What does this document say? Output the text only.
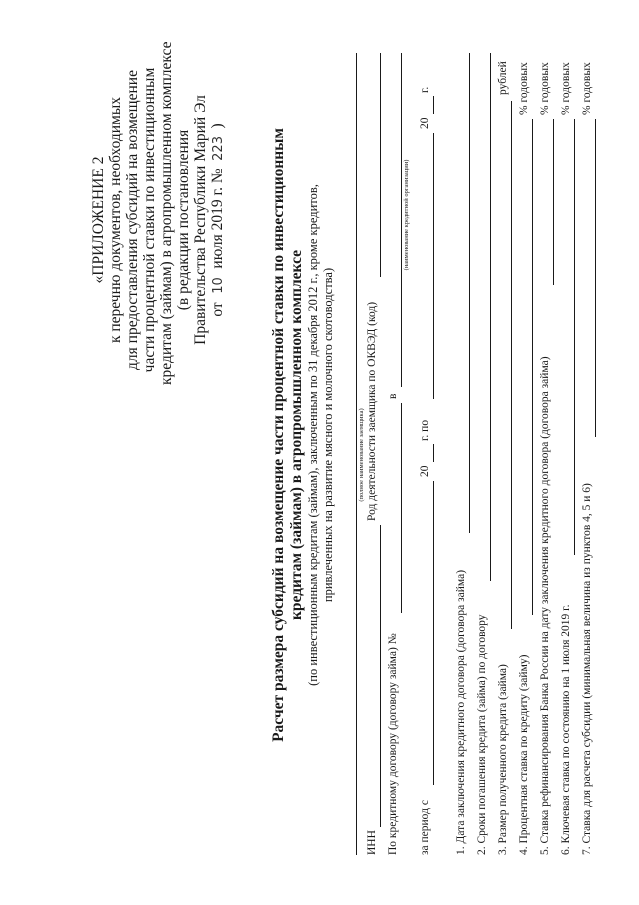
«ПРИЛОЖЕНИЕ 2 к перечню документов, необходимых для предоставления субсидий на возмещение части процентной ставки по инвестиционным кредитам (займам) в агропромышленном комплексе (в редакции постановления Правительства Республики Марий Эл от 10 июля 2019 г. № 223 )
Расчет размера субсидий на возмещение части процентной ставки по инвестиционным кредитам (займам) в агропромышленном комплексе (по инвестиционным кредитам (займам), заключенным по 31 декабря 2012 г., кроме кредитов, привлеченных на развитие мясного и молочного скотоводства)	(полное наименование заемщика)
ИНН
Род деятельности заемщика по ОКВЭД (код)
По кредитному договору (договору займа) №
в
(наименование кредитной организации)
за период с
20
г. по
20
г.
1. Дата заключения кредитного договора (договора займа) 2. Сроки погашения кредита (займа) по договору 3. Размер полученного кредита (займа)
рублей
4. Процентная ставка по кредиту (займу)
% годовых
5. Ставка рефинансирования Банка России на дату заключения кредитного договора (договора займа)
% годовых
6. Ключевая ставка по состоянию на 1 июля 2019 г.
% годовых
7. Ставка для расчета субсидии (минимальная величина из пунктов 4, 5 и 6)
% годовых
